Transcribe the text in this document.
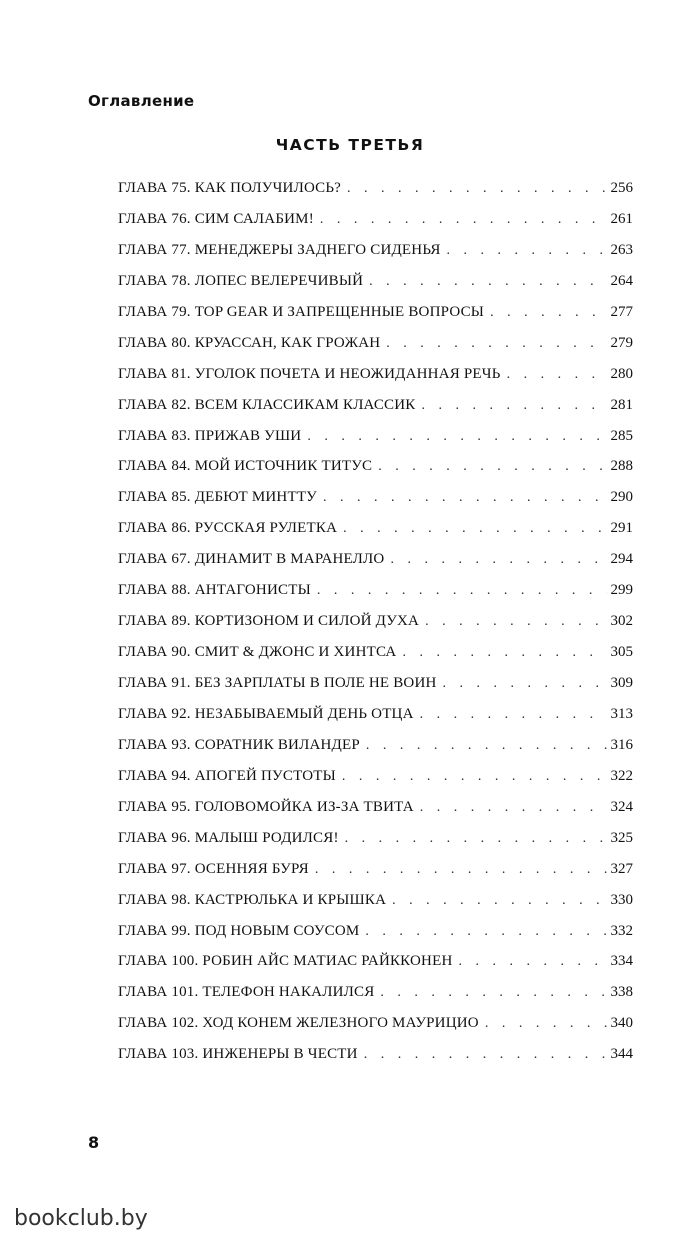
Оглавление
ЧАСТЬ ТРЕТЬЯ
ГЛАВА 75. КАК ПОЛУЧИЛОСЬ? . . .	256
ГЛАВА 76. СИМ САЛАБИМ! . . .	261
ГЛАВА 77. МЕНЕДЖЕРЫ ЗАДНЕГО СИДЕНЬЯ . . .	263
ГЛАВА 78. ЛОПЕС ВЕЛЕРЕЧИВЫЙ . . .	264
ГЛАВА 79. TOP GEAR И ЗАПРЕЩЕННЫЕ ВОПРОСЫ . . .	277
ГЛАВА 80. КРУАССАН, КАК ГРОЖАН . . .	279
ГЛАВА 81. УГОЛОК ПОЧЕТА И НЕОЖИДАННАЯ РЕЧЬ . . .	280
ГЛАВА 82. ВСЕМ КЛАССИКАМ КЛАССИК . . .	281
ГЛАВА 83. ПРИЖАВ УШИ . . .	285
ГЛАВА 84. МОЙ ИСТОЧНИК ТИТУС . . .	288
ГЛАВА 85. ДЕБЮТ МИНТТУ . . .	290
ГЛАВА 86. РУССКАЯ РУЛЕТКА . . .	291
ГЛАВА 67. ДИНАМИТ В МАРАНЕЛЛО . . .	294
ГЛАВА 88. АНТАГОНИСТЫ . . .	299
ГЛАВА 89. КОРТИЗОНОМ И СИЛОЙ ДУХА . . .	302
ГЛАВА 90. СМИТ & ДЖОНС И ХИНТСА . . .	305
ГЛАВА 91. БЕЗ ЗАРПЛАТЫ В ПОЛЕ НЕ ВОИН . . .	309
ГЛАВА 92. НЕЗАБЫВАЕМЫЙ ДЕНЬ ОТЦА . . .	313
ГЛАВА 93. СОРАТНИК ВИЛАНДЕР . . .	316
ГЛАВА 94. АПОГЕЙ ПУСТОТЫ . . .	322
ГЛАВА 95. ГОЛОВОМОЙКА ИЗ-ЗА ТВИТА . . .	324
ГЛАВА 96. МАЛЫШ РОДИЛСЯ! . . .	325
ГЛАВА 97. ОСЕННЯЯ БУРЯ . . .	327
ГЛАВА 98. КАСТРЮЛЬКА И КРЫШКА . . .	330
ГЛАВА 99. ПОД НОВЫМ СОУСОМ . . .	332
ГЛАВА 100. РОБИН АЙС МАТИАС РАЙККОНЕН . . .	334
ГЛАВА 101. ТЕЛЕФОН НАКАЛИЛСЯ . . .	338
ГЛАВА 102. ХОД КОНЕМ ЖЕЛЕЗНОГО МАУРИЦИО . . .	340
ГЛАВА 103. ИНЖЕНЕРЫ В ЧЕСТИ . . .	344
8
bookclub.by
